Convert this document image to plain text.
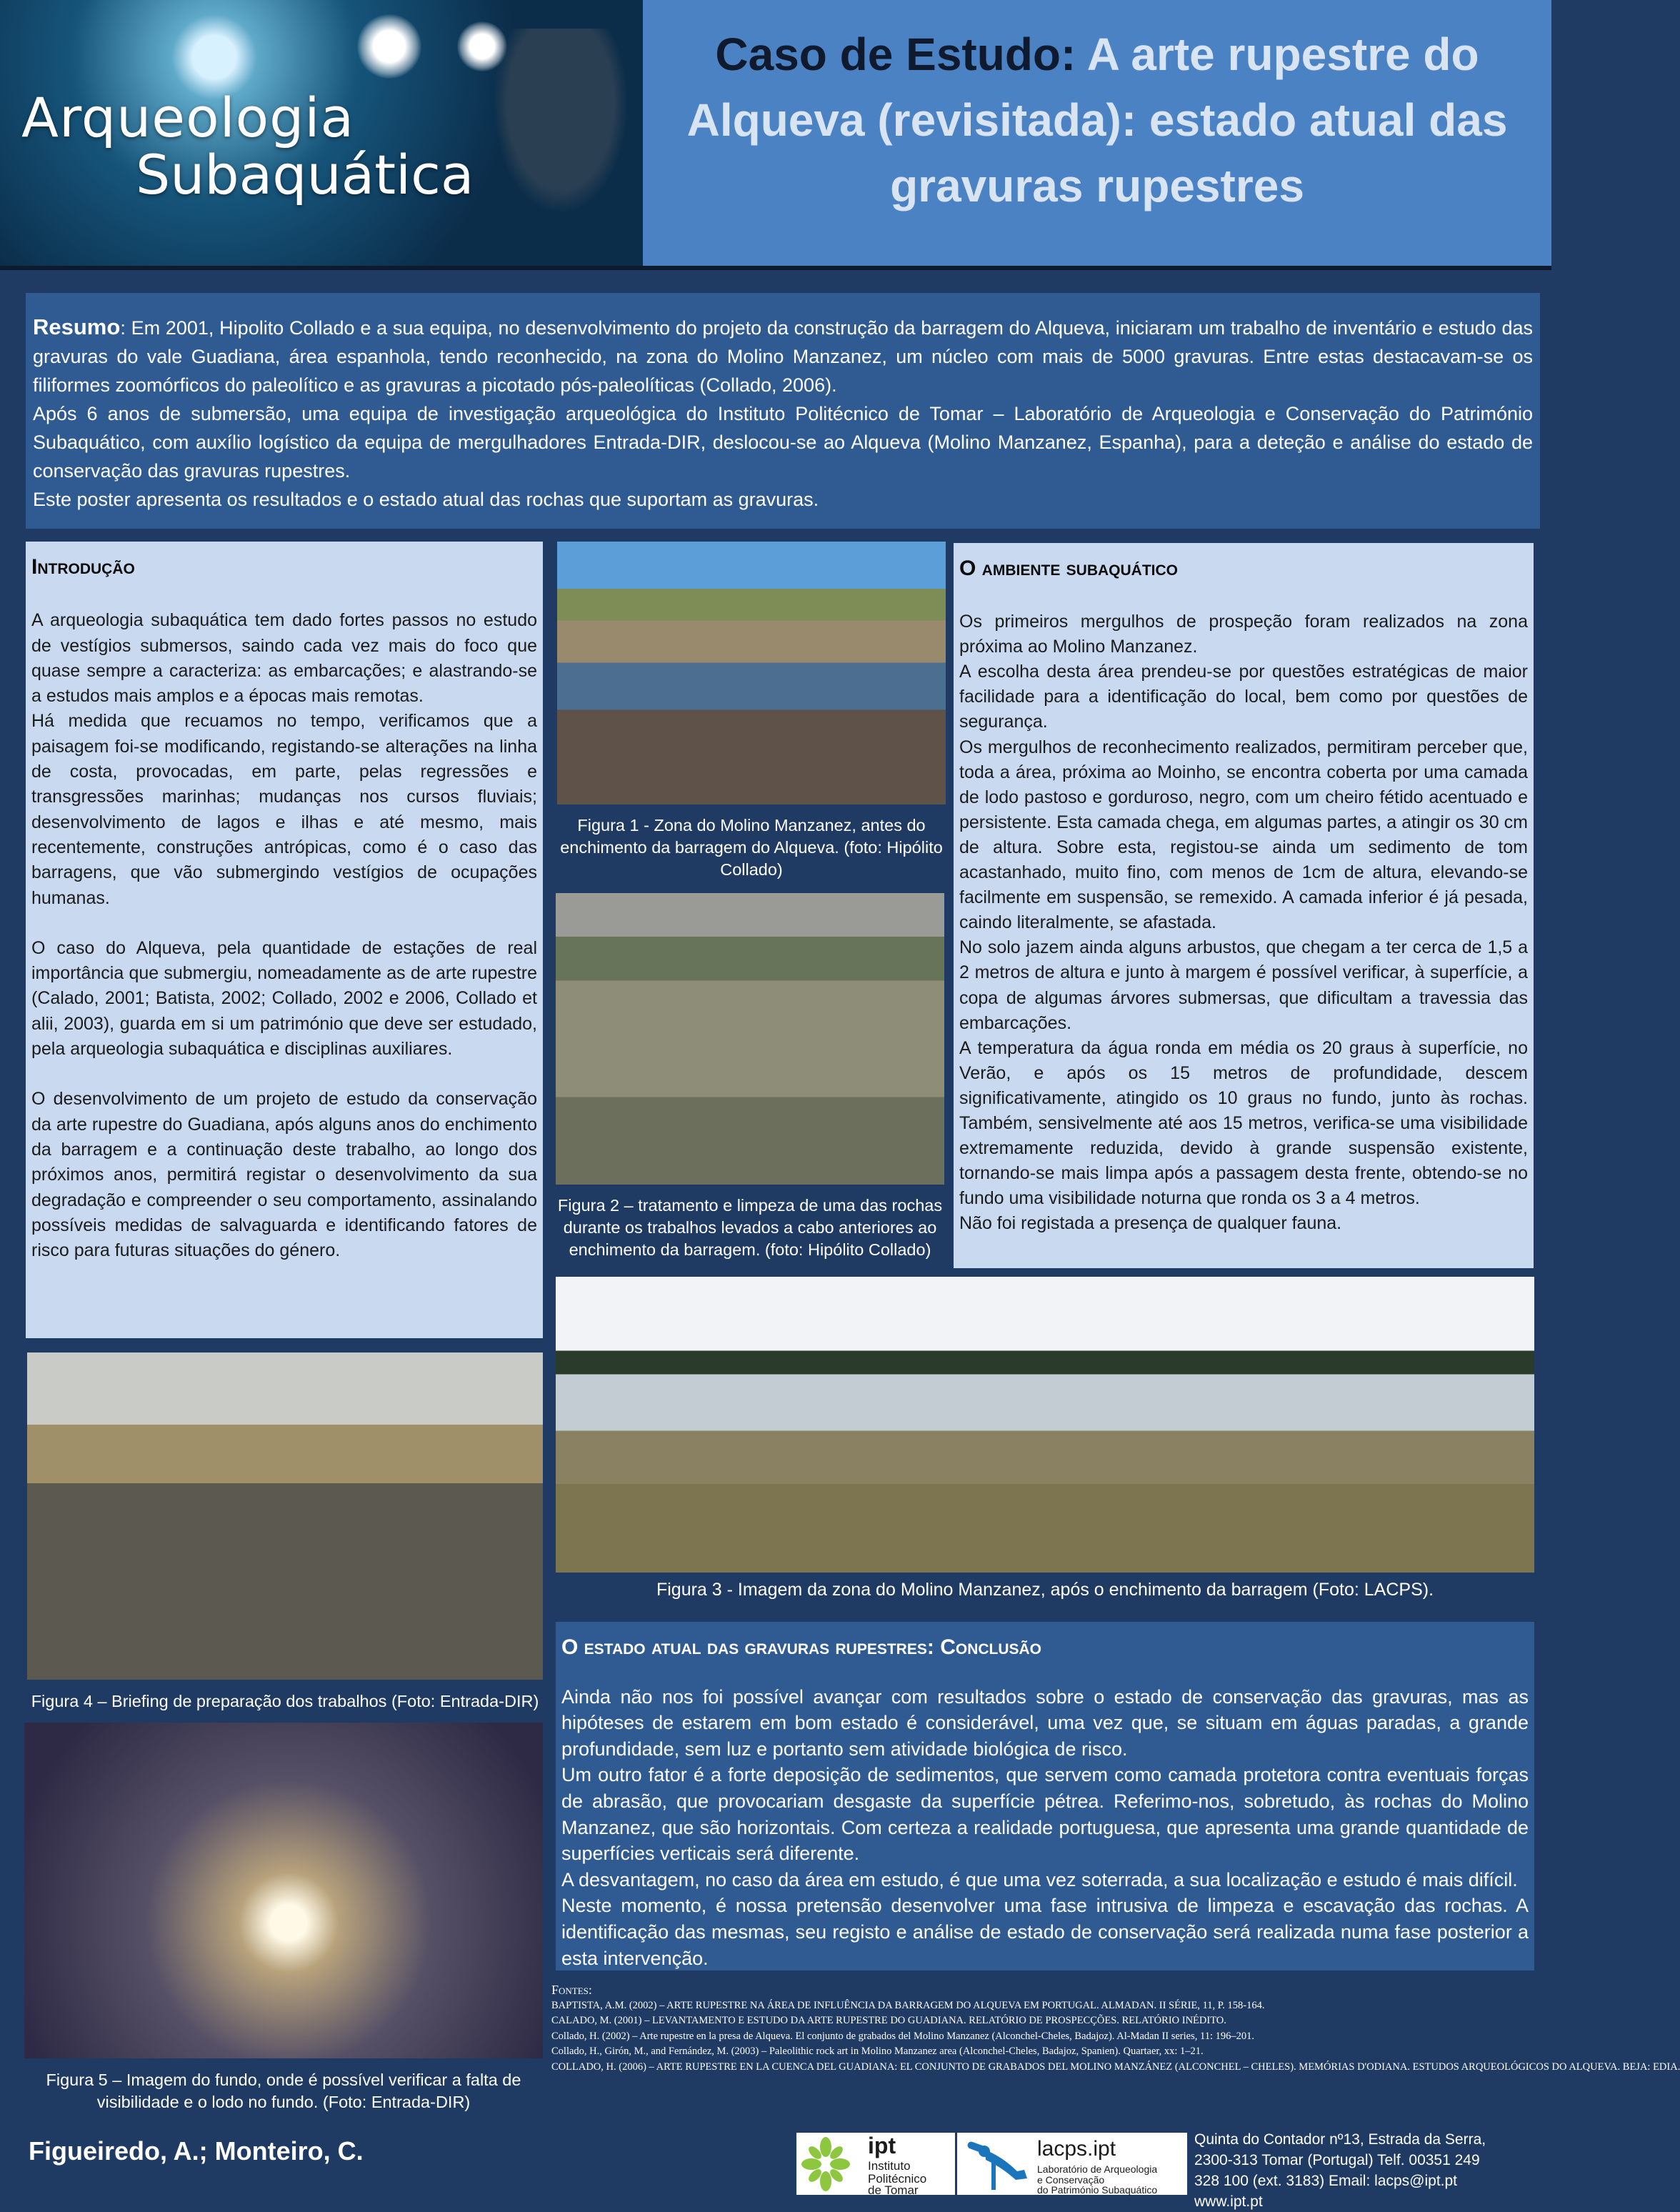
Arqueologia
Subaquática
Caso de Estudo: A arte rupestre do Alqueva (revisitada): estado atual das gravuras rupestres

Resumo: Em 2001, Hipolito Collado e a sua equipa, no desenvolvimento do projeto da construção da barragem do Alqueva, iniciaram um trabalho de inventário e estudo das gravuras do vale Guadiana, área espanhola, tendo reconhecido, na zona do Molino Manzanez, um núcleo com mais de 5000 gravuras. Entre estas destacavam-se os filiformes zoomórficos do paleolítico e as gravuras a picotado pós-paleolíticas (Collado, 2006).

Após 6 anos de submersão, uma equipa de investigação arqueológica do Instituto Politécnico de Tomar – Laboratório de Arqueologia e Conservação do Património Subaquático, com auxílio logístico da equipa de mergulhadores Entrada-DIR, deslocou-se ao Alqueva (Molino Manzanez, Espanha), para a deteção e análise do estado de conservação das gravuras rupestres.

Este poster apresenta os resultados e o estado atual das rochas que suportam as gravuras.

Introdução
A arqueologia subaquática tem dado fortes passos no estudo de vestígios submersos, saindo cada vez mais do foco que quase sempre a caracteriza: as embarcações; e alastrando-se a estudos mais amplos e a épocas mais remotas.
Há medida que recuamos no tempo, verificamos que a paisagem foi-se modificando, registando-se alterações na linha de costa, provocadas, em parte, pelas regressões e transgressões marinhas; mudanças nos cursos fluviais; desenvolvimento de lagos e ilhas e até mesmo, mais recentemente, construções antrópicas, como é o caso das barragens, que vão submergindo vestígios de ocupações humanas.
O caso do Alqueva, pela quantidade de estações de real importância que submergiu, nomeadamente as de arte rupestre (Calado, 2001; Batista, 2002; Collado, 2002 e 2006, Collado et alii, 2003), guarda em si um património que deve ser estudado, pela arqueologia subaquática e disciplinas auxiliares.
O desenvolvimento de um projeto de estudo da conservação da arte rupestre do Guadiana, após alguns anos do enchimento da barragem e a continuação deste trabalho, ao longo dos próximos anos, permitirá registar o desenvolvimento da sua degradação e compreender o seu comportamento, assinalando possíveis medidas de salvaguarda e identificando fatores de risco para futuras situações do género.
Figura 1 - Zona do Molino Manzanez, antes do enchimento da barragem do Alqueva. (foto: Hipólito Collado)
Figura 2 – tratamento e limpeza de uma das rochas durante os trabalhos levados a cabo anteriores ao enchimento da barragem. (foto: Hipólito Collado)
Figura 3 - Imagem da zona do Molino Manzanez, após o enchimento da barragem (Foto: LACPS).
Figura 4 – Briefing de preparação dos trabalhos (Foto: Entrada-DIR)
Figura 5 – Imagem do fundo, onde é possível verificar a falta de visibilidade e o lodo no fundo. (Foto: Entrada-DIR)
O ambiente subaquático
Os primeiros mergulhos de prospeção foram realizados na zona próxima ao Molino Manzanez.
A escolha desta área prendeu-se por questões estratégicas de maior facilidade para a identificação do local, bem como por questões de segurança.
Os mergulhos de reconhecimento realizados, permitiram perceber que, toda a área, próxima ao Moinho, se encontra coberta por uma camada de lodo pastoso e gorduroso, negro, com um cheiro fétido acentuado e persistente. Esta camada chega, em algumas partes, a atingir os 30 cm de altura. Sobre esta, registou-se ainda um sedimento de tom acastanhado, muito fino, com menos de 1cm de altura, elevando-se facilmente em suspensão, se remexido. A camada inferior é já pesada, caindo literalmente, se afastada.
No solo jazem ainda alguns arbustos, que chegam a ter cerca de 1,5 a 2 metros de altura e junto à margem é possível verificar, à superfície, a copa de algumas árvores submersas, que dificultam a travessia das embarcações.
A temperatura da água ronda em média os 20 graus à superfície, no Verão, e após os 15 metros de profundidade, descem significativamente, atingido os 10 graus no fundo, junto às rochas. Também, sensivelmente até aos 15 metros, verifica-se uma visibilidade extremamente reduzida, devido à grande suspensão existente, tornando-se mais limpa após a passagem desta frente, obtendo-se no fundo uma visibilidade noturna que ronda os 3 a 4 metros.
Não foi registada a presença de qualquer fauna.
O estado atual das gravuras rupestres: Conclusão

Ainda não nos foi possível avançar com resultados sobre o estado de conservação das gravuras, mas as hipóteses de estarem em bom estado é considerável, uma vez que, se situam em águas paradas, a grande profundidade, sem luz e portanto sem atividade biológica de risco.

Um outro fator é a forte deposição de sedimentos, que servem como camada protetora contra eventuais forças de abrasão, que provocariam desgaste da superfície pétrea. Referimo-nos, sobretudo, às rochas do Molino Manzanez, que são horizontais. Com certeza a realidade portuguesa, que apresenta uma grande quantidade de superfícies verticais será diferente.

A desvantagem, no caso da área em estudo, é que uma vez soterrada, a sua localização e estudo é mais difícil.

Neste momento, é nossa pretensão desenvolver uma fase intrusiva de limpeza e escavação das rochas. A identificação das mesmas, seu registo e análise de estado de conservação será realizada numa fase posterior a esta intervenção.

Fontes:

BAPTISTA, A.M. (2002) – ARTE RUPESTRE NA ÁREA DE INFLUÊNCIA DA BARRAGEM DO ALQUEVA EM PORTUGAL. ALMADAN. II SÉRIE, 11, P. 158-164.

CALADO, M. (2001) – LEVANTAMENTO E ESTUDO DA ARTE RUPESTRE DO GUADIANA. RELATÓRIO DE PROSPECÇÕES. RELATÓRIO INÉDITO.

Collado, H. (2002) – Arte rupestre en la presa de Alqueva. El conjunto de grabados del Molino Manzanez (Alconchel-Cheles, Badajoz). Al-Madan II series, 11: 196–201.

Collado, H., Girón, M., and Fernández, M. (2003) – Paleolithic rock art in Molino Manzanez area (Alconchel-Cheles, Badajoz, Spanien). Quartaer, xx: 1–21.

COLLADO, H. (2006) – ARTE RUPESTRE EN LA CUENCA DEL GUADIANA: EL CONJUNTO DE GRABADOS DEL MOLINO MANZÁNEZ (ALCONCHEL – CHELES). MEMÓRIAS D'ODIANA. ESTUDOS ARQUEOLÓGICOS DO ALQUEVA. BEJA: EDIA.

Figueiredo, A.; Monteiro, C.	ipt
Instituto
Politécnico
de Tomar
lacps.ipt
Laboratório de Arqueologia
e Conservação
do Património Subaquático
Quinta do Contador nº13, Estrada da Serra,
2300-313 Tomar (Portugal) Telf. 00351 249
328 100 (ext. 3183) Email: lacps@ipt.pt
www.ipt.pt
